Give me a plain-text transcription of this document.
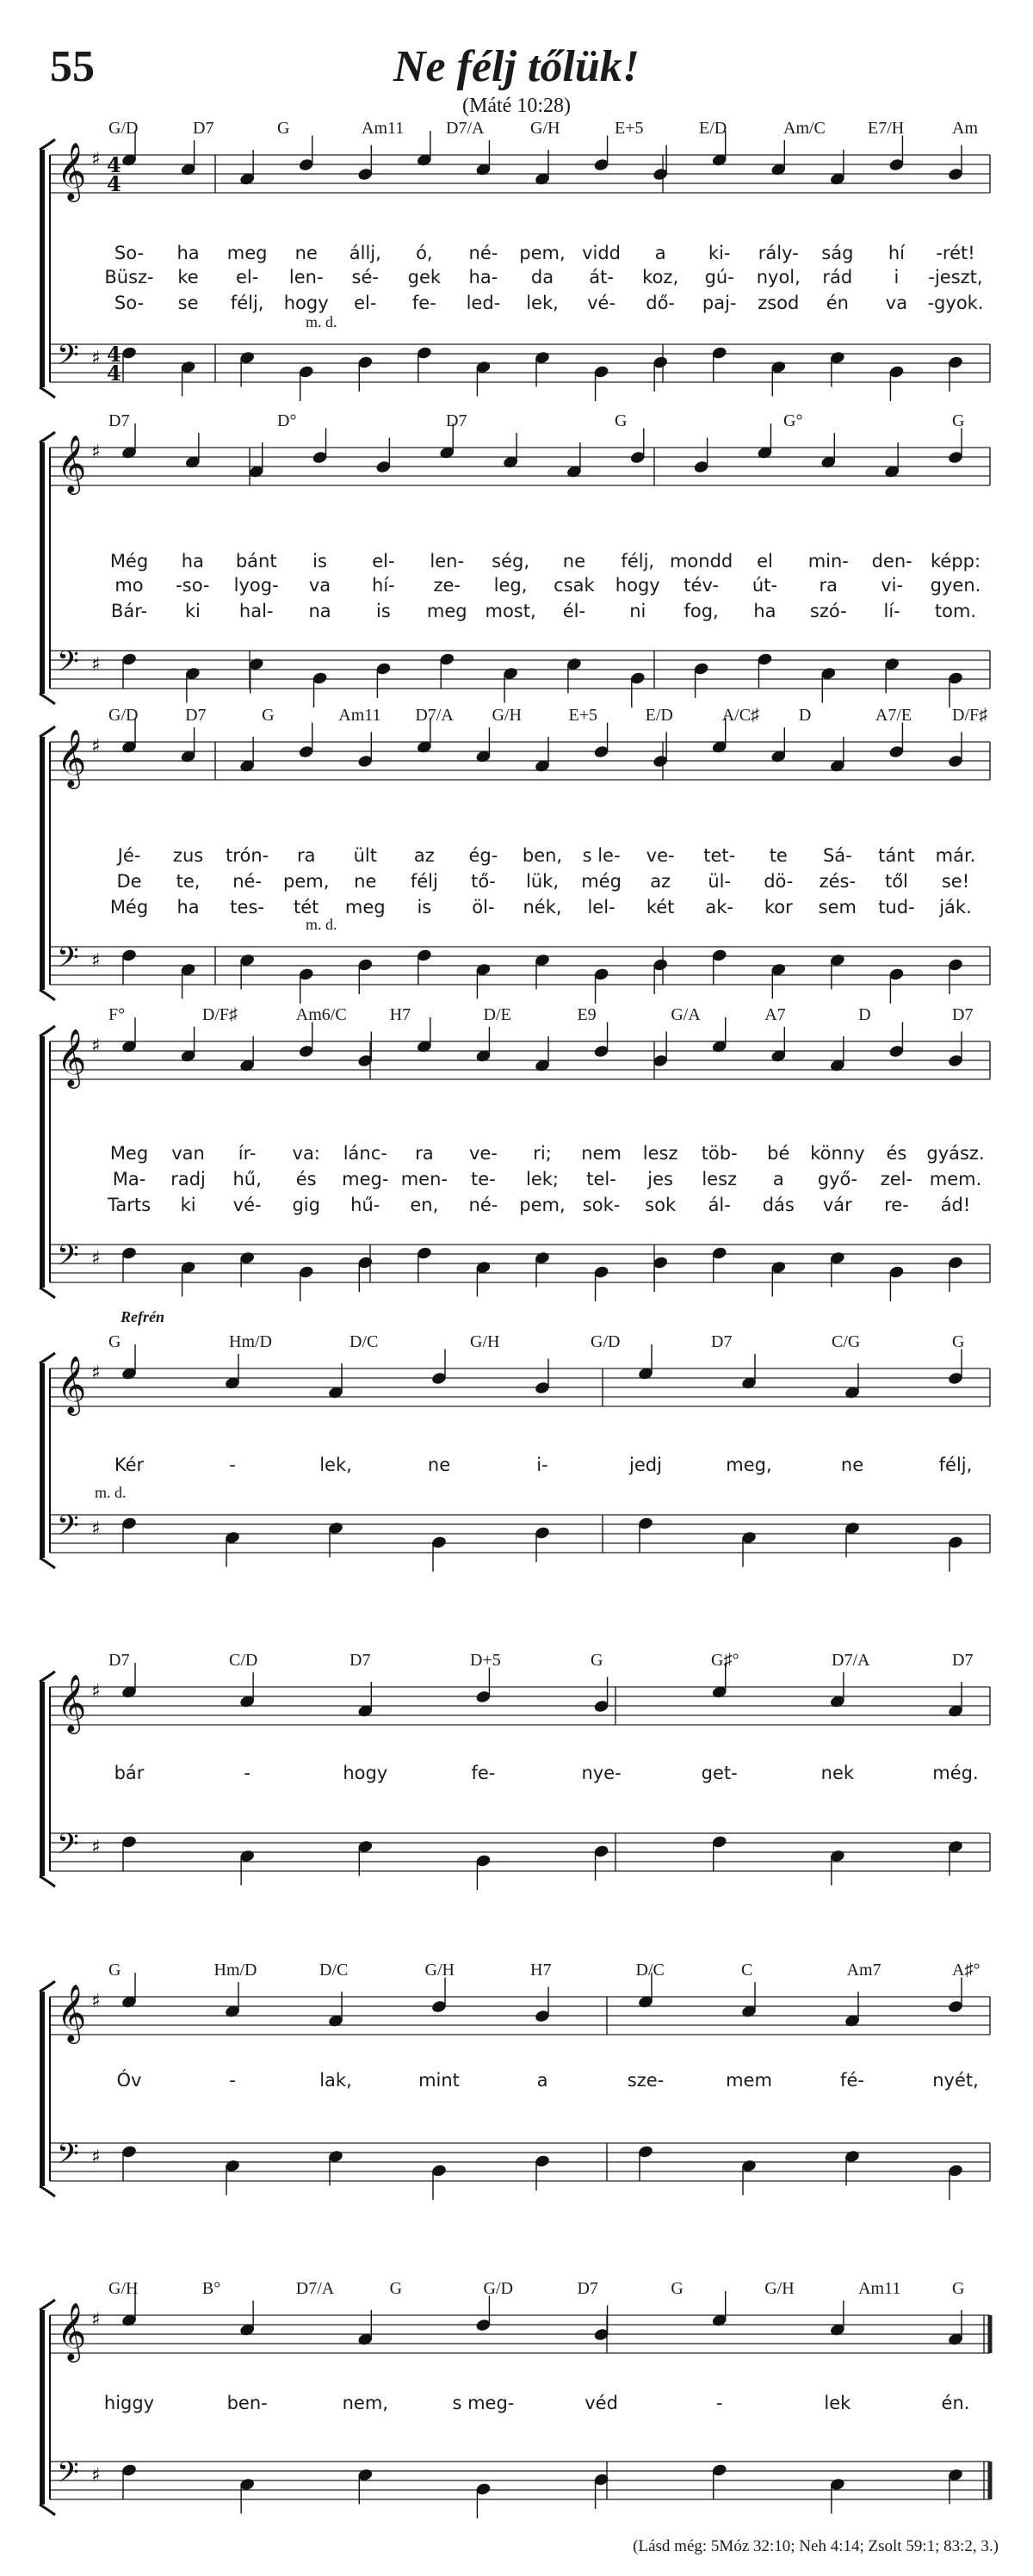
55	Ne félj tőlük!
(Máté 10:28)
G/D	D7	G	Am11 D7/A	G/H	E+5	E/D	Am/C E7/H	Am
𝄞 ♯ 4
4
𝄢 ♯ 4
4
m. d.
So- ha meg ne állj, ó, né- pem, vidd a ki- rály- ság hí -rét!
Büsz- ke el- len- sé- gek ha- da át- koz, gú- nyol, rád i -jeszt,
So- se félj, hogy el- fe- led- lek, vé- dő- paj- zsod én va -gyok.
D7	D°	D7	G	G°	G
𝄞 ♯
𝄢 ♯
Még ha bánt is el- len- ség, ne félj, mondd el min- den- képp:
mo -so- lyog- va hí- ze- leg, csak hogy tév- út- ra vi- gyen.
Bár- ki hal- na is meg most, él- ni fog, ha szó- lí- tom.
G/D	D7	G	Am11 D7/A G/H	E+5	E/D	A/C♯ D	A7/E D/F♯
𝄞 ♯
𝄢 ♯
m. d.
Jé- zus trón- ra ült az ég- ben, s le- ve- tet- te Sá- tánt már.
De te, né- pem, ne félj tő- lük, még az ül- dö- zés- től se!
Még ha tes- tét meg is öl- nék, lel- két ak- kor sem tud- ják.
F°	D/F♯	Am6/C H7	D/E	E9	G/A	A7	D	D7
𝄞 ♯
𝄢 ♯
Meg van ír- va: lánc- ra ve- ri; nem lesz töb- bé könny és gyász.
Ma- radj hű, és meg- men- te- lek; tel- jes lesz a győ- zel- mem.
Tarts ki vé- gig hű- en, né- pem, sok- sok ál- dás vár re- ád!
G	Hm/D	D/C	G/H	G/D	D7	C/G	G
Refrén
𝄞 ♯
𝄢 ♯
m. d.
Kér	-	lek,	ne	i-	jedj	meg,	ne	félj,
D7	C/D	D7	D+5	G	G♯°	D7/A	D7
𝄞 ♯
𝄢 ♯
bár	-	hogy	fe-	nye-	get-	nek	még.
G	Hm/D	D/C	G/H	H7	D/C	C	Am7	A♯°
𝄞 ♯
𝄢 ♯
Óv	-	lak,	mint	a	sze-	mem	fé-	nyét,
G/H	B°	D7/A	G	G/D	D7	G	G/H	Am11	G
𝄞 ♯
𝄢 ♯
higgy	ben-	nem,	s meg-	véd	-	lek	én.
(Lásd még: 5Móz 32:10; Neh 4:14; Zsolt 59:1; 83:2, 3.)
